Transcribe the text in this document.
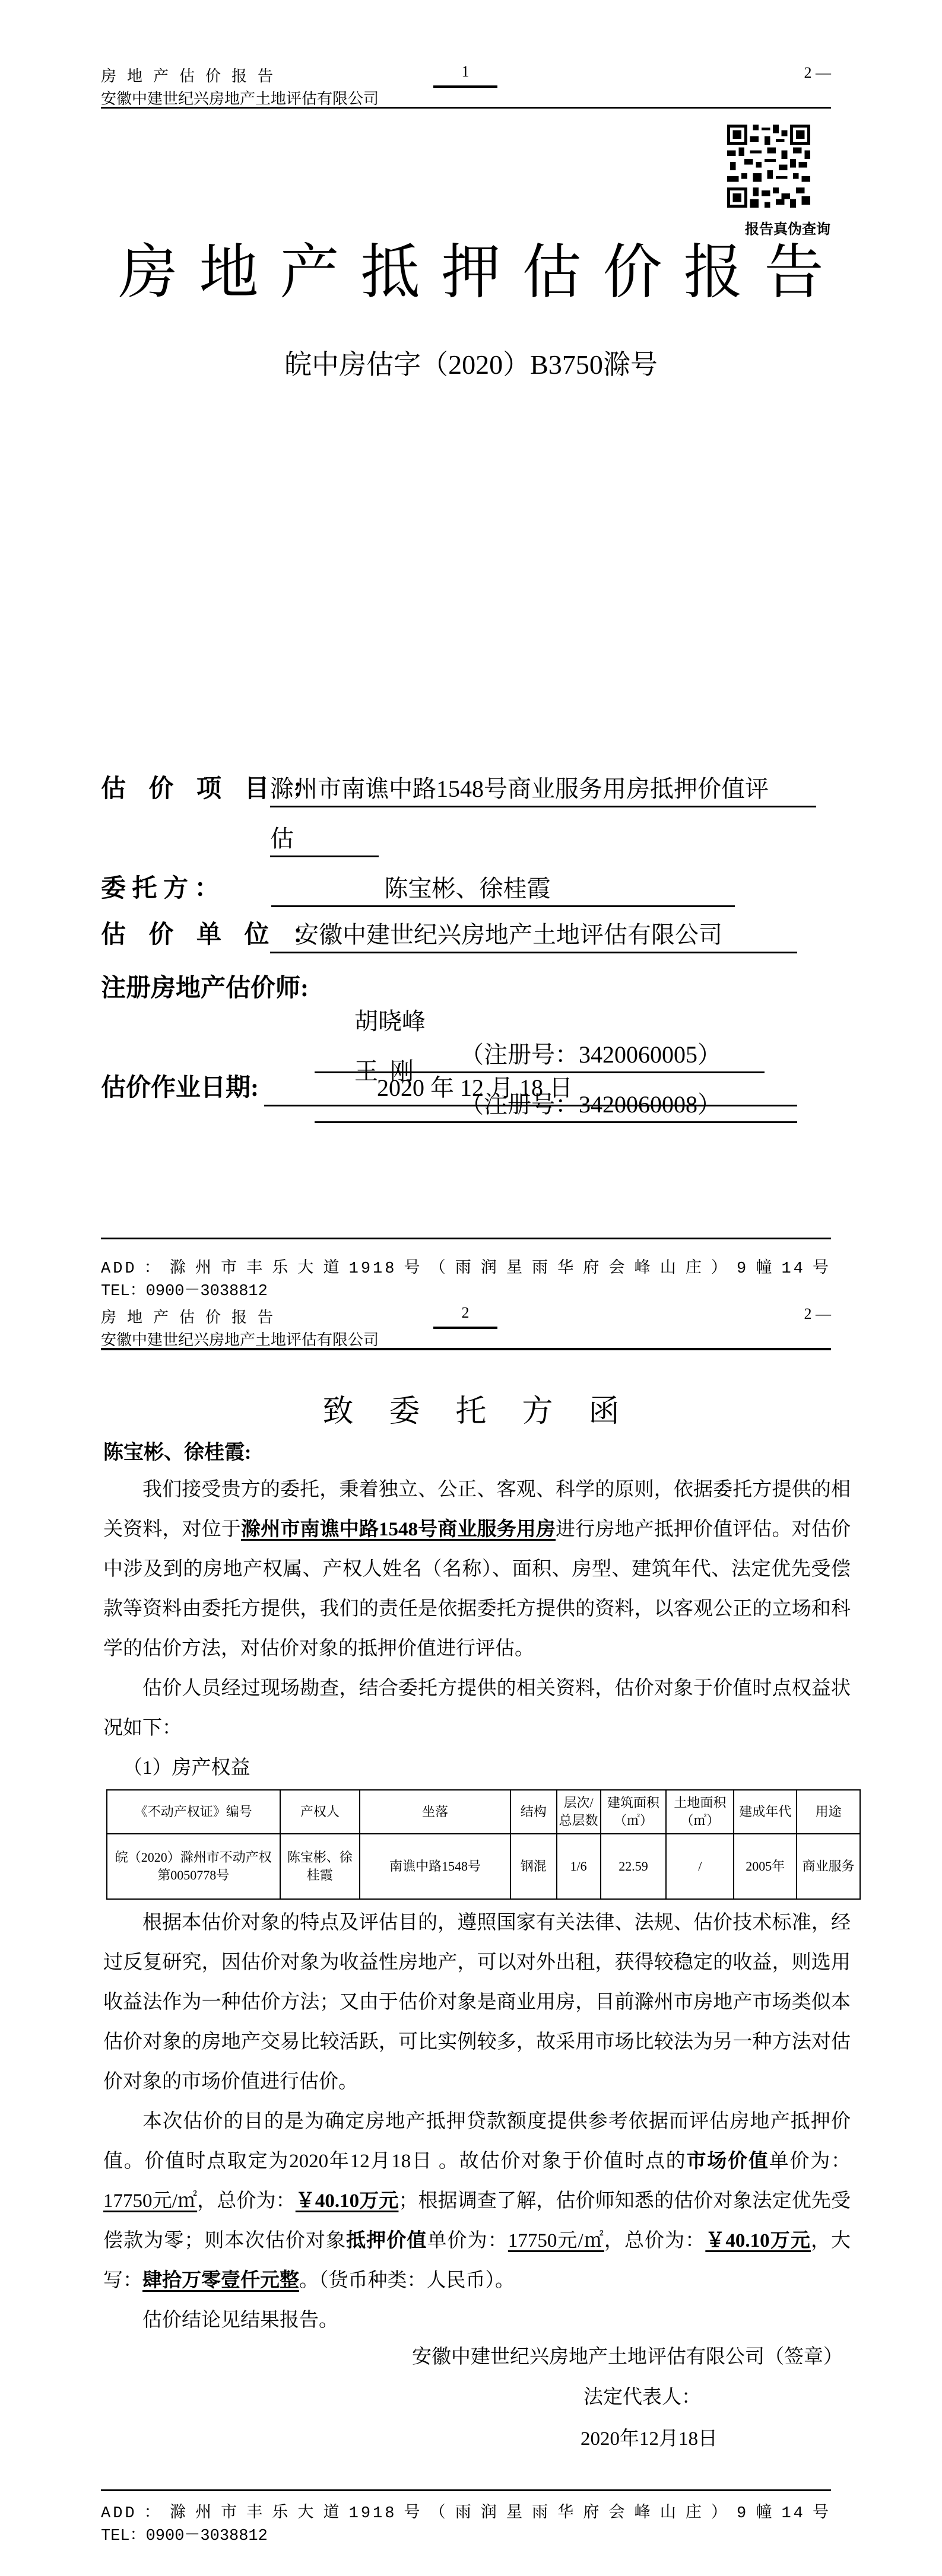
房地产估价报告
安徽中建世纪兴房地产土地评估有限公司
1	2 —
报告真伪查询
房地产抵押估价报告
皖中房估字（2020）B3750滁号
估 价 项 目 ：
滁州市南谯中路1548号商业服务用房抵押价值评
估
委 托 方 ：	陈宝彬、徐桂霞
估 价 单 位 ：
安徽中建世纪兴房地产土地评估有限公司
注册房地产估价师:

胡晓峰

（注册号：3420060005）

王  刚

（注册号：3420060008）

估价作业日期:	2020 年 12 月 18 日
ADD：滁州市丰乐大道1918号（雨润星雨华府会峰山庄）9幢14号
TEL：0900－3038812
房地产估价报告
安徽中建世纪兴房地产土地评估有限公司
2	2 —
致委托方函
陈宝彬、徐桂霞:

我们接受贵方的委托，秉着独立、公正、客观、科学的原则，依据委托方提供的相关资料，对位于滁州市南谯中路1548号商业服务用房进行房地产抵押价值评估。对估价中涉及到的房地产权属、产权人姓名（名称）、面积、房型、建筑年代、法定优先受偿款等资料由委托方提供，我们的责任是依据委托方提供的资料，以客观公正的立场和科学的估价方法，对估价对象的抵押价值进行评估。

估价人员经过现场勘查，结合委托方提供的相关资料，估价对象于价值时点权益状况如下：

（1）房产权益

《不动产权证》编号	产权人	坐落	结构	层次/总层数	建筑面积（㎡）	土地面积（㎡）	建成年代	用途
皖（2020）滁州市不动产权第0050778号	陈宝彬、徐桂霞	南谯中路1548号	钢混	1/6	22.59	/	2005年	商业服务

根据本估价对象的特点及评估目的，遵照国家有关法律、法规、估价技术标准，经过反复研究，因估价对象为收益性房地产，可以对外出租，获得较稳定的收益，则选用收益法作为一种估价方法；又由于估价对象是商业用房，目前滁州市房地产市场类似本估价对象的房地产交易比较活跃，可比实例较多，故采用市场比较法为另一种方法对估价对象的市场价值进行估价。

本次估价的目的是为确定房地产抵押贷款额度提供参考依据而评估房地产抵押价值。价值时点取定为2020年12月18日 。故估价对象于价值时点的市场价值单价为：17750元/㎡，总价为：￥40.10万元；根据调查了解，估价师知悉的估价对象法定优先受偿款为零；则本次估价对象抵押价值单价为：17750元/㎡，总价为：￥40.10万元，大写：肆拾万零壹仟元整。（货币种类：人民币）。

估价结论见结果报告。

安徽中建世纪兴房地产土地评估有限公司（签章）
法定代表人：
2020年12月18日
ADD：滁州市丰乐大道1918号（雨润星雨华府会峰山庄）9幢14号
TEL：0900－3038812
